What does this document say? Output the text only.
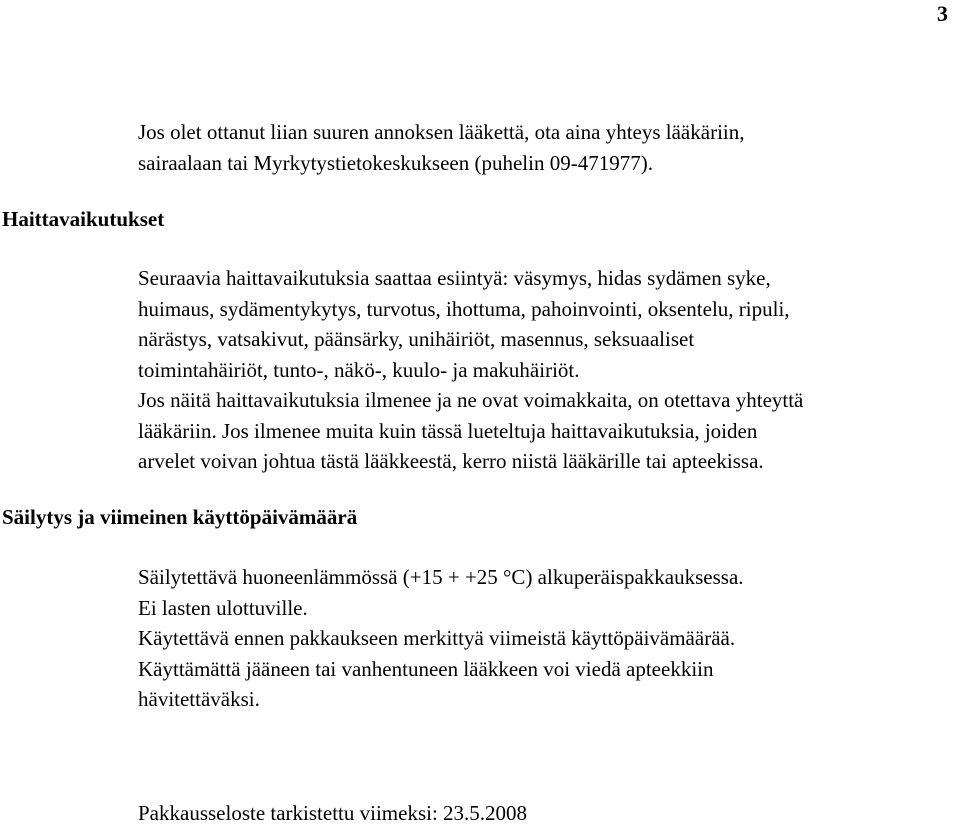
3
Jos olet ottanut liian suuren annoksen lääkettä, ota aina yhteys lääkäriin,
sairaalaan tai Myrkytystietokeskukseen (puhelin 09-471977).
Haittavaikutukset
Seuraavia haittavaikutuksia saattaa esiintyä: väsymys, hidas sydämen syke,
huimaus, sydämentykytys, turvotus, ihottuma, pahoinvointi, oksentelu, ripuli,
närästys, vatsakivut, päänsärky, unihäiriöt, masennus, seksuaaliset
toimintahäiriöt, tunto-, näkö-, kuulo- ja makuhäiriöt.
Jos näitä haittavaikutuksia ilmenee ja ne ovat voimakkaita, on otettava yhteyttä
lääkäriin. Jos ilmenee muita kuin tässä lueteltuja haittavaikutuksia, joiden
arvelet voivan johtua tästä lääkkeestä, kerro niistä lääkärille tai apteekissa.
Säilytys ja viimeinen käyttöpäivämäärä
Säilytettävä huoneenlämmössä (+15 + +25 °C) alkuperäispakkauksessa.
Ei lasten ulottuville.
Käytettävä ennen pakkaukseen merkittyä viimeistä käyttöpäivämäärää.
Käyttämättä jääneen tai vanhentuneen lääkkeen voi viedä apteekkiin
hävitettäväksi.
Pakkausseloste tarkistettu viimeksi: 23.5.2008
